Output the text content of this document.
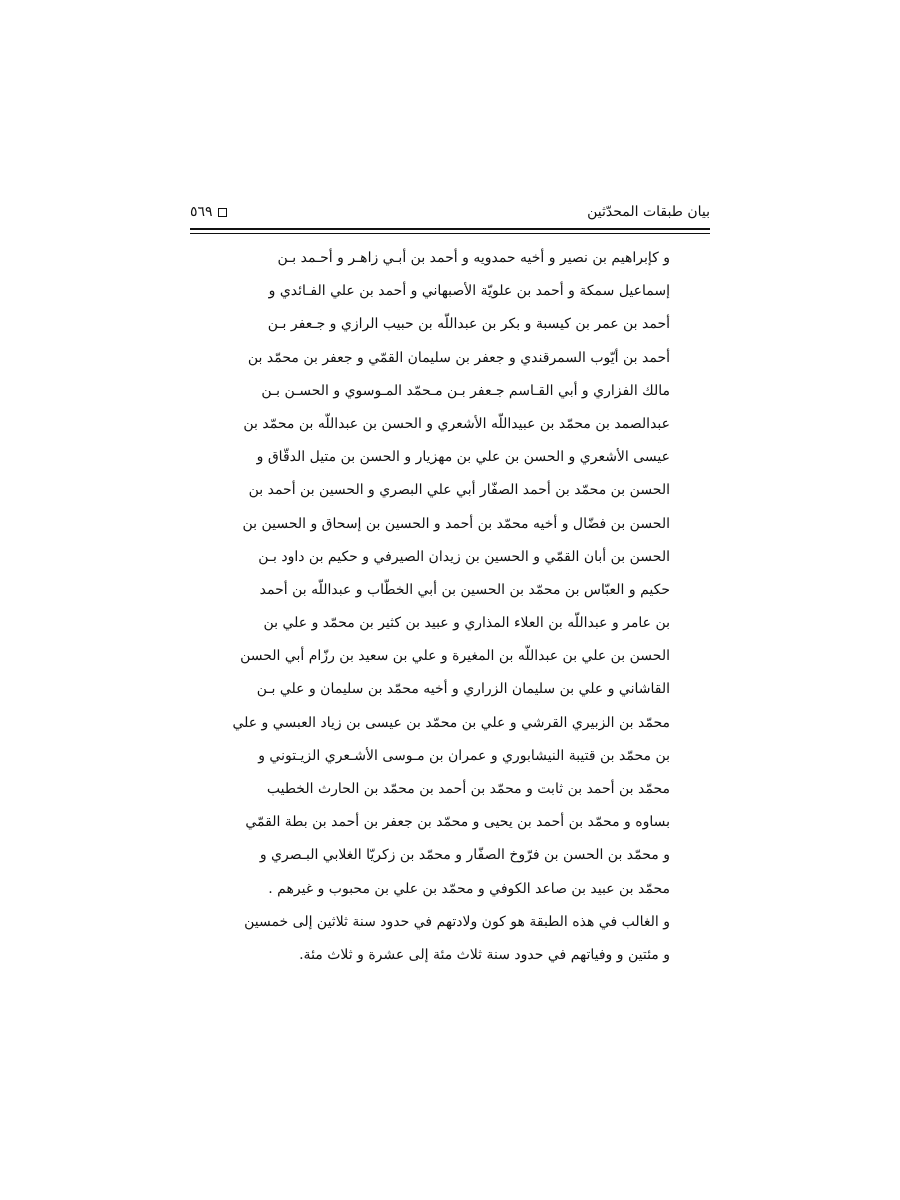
بيان طبقات المحدّثين
٥٦٩
و كإبراهيم بن نصير و أخيه حمدويه و أحمد بن أبـي زاهـر و أحـمد بـن
إسماعيل سمكة و أحمد بن علويّة الأصبهاني و أحمد بن علي الفـائدي و
أحمد بن عمر بن كيسبة و بكر بن عبداللّه بن حبيب الرازي و جـعفر بـن
أحمد بن أيّوب السمرقندي و جعفر بن سليمان القمّي و جعفر بن محمّد بن
مالك الفزاري و أبي القـاسم جـعفر بـن مـحمّد المـوسوي و الحسـن بـن
عبدالصمد بن محمّد بن عبيداللّه الأشعري و الحسن بن عبداللّه بن محمّد بن
عيسى الأشعري و الحسن بن علي بن مهزيار و الحسن بن متيل الدقّاق و
الحسن بن محمّد بن أحمد الصفّار أبي علي البصري و الحسين بن أحمد بن
الحسن بن فضّال و أخيه محمّد بن أحمد و الحسين بن إسحاق و الحسين بن
الحسن بن أبان القمّي و الحسين بن زيدان الصيرفي و حكيم بن داود بـن
حكيم و العبّاس بن محمّد بن الحسين بن أبي الخطّاب و عبداللّه بن أحمد
بن عامر و عبداللّه بن العلاء المذاري و عبيد بن كثير بن محمّد و علي بن
الحسن بن علي بن عبداللّه بن المغيرة و علي بن سعيد بن رزّام أبي الحسن
القاشاني و علي بن سليمان الزراري و أخيه محمّد بن سليمان و علي بـن
محمّد بن الزبيري القرشي و علي بن محمّد بن عيسى بن زياد العبسي و علي
بن محمّد بن قتيبة النيشابوري و عمران بن مـوسى الأشـعري الزيـتوني و
محمّد بن أحمد بن ثابت و محمّد بن أحمد بن محمّد بن الحارث الخطيب
بساوه و محمّد بن أحمد بن يحيى و محمّد بن جعفر بن أحمد بن بطة القمّي
و محمّد بن الحسن بن فرّوخ الصفّار و محمّد بن زكريّا الغلابي البـصري و
محمّد بن عبيد بن صاعد الكوفي و محمّد بن علي بن محبوب و غيرهم .
و الغالب في هذه الطبقة هو كون ولادتهم في حدود سنة ثلاثين إلى خمسين
و مئتين و وفياتهم في حدود سنة ثلاث مئة إلى عشرة و ثلاث مئة.
